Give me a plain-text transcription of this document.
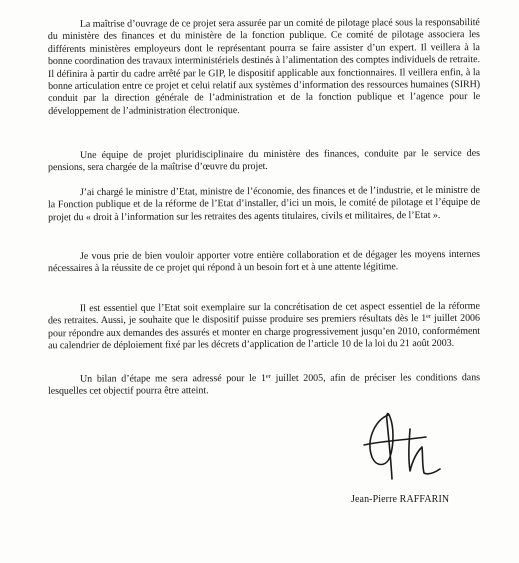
La maîtrise d’ouvrage de ce projet sera assurée par un comité de pilotage placé sous la responsabilité du ministère des finances et du ministère de la fonction publique. Ce comité de pilotage associera les différents ministères employeurs dont le représentant pourra se faire assister d’un expert. Il veillera à la bonne coordination des travaux interministériels destinés à l’alimentation des comptes individuels de retraite. Il définira à partir du cadre arrêté par le GIP, le dispositif applicable aux fonctionnaires. Il veillera enfin, à la bonne articulation entre ce projet et celui relatif aux systèmes d’information des ressources humaines (SIRH) conduit par la direction générale de l’administration et de la fonction publique et l’agence pour le développement de l’administration électronique.

Une équipe de projet pluridisciplinaire du ministère des finances, conduite par le service des pensions, sera chargée de la maîtrise d’œuvre du projet.

J’ai chargé le ministre d’Etat, ministre de l’économie, des finances et de l’industrie, et le ministre de la Fonction publique et de la réforme de l’Etat d’installer, d’ici un mois, le comité de pilotage et l’équipe de projet du « droit à l’information sur les retraites des agents titulaires, civils et militaires, de l’Etat ».

Je vous prie de bien vouloir apporter votre entière collaboration et de dégager les moyens internes nécessaires à la réussite de ce projet qui répond à un besoin fort et à une attente légitime.

Il est essentiel que l’Etat soit exemplaire sur la concrétisation de cet aspect essentiel de la réforme des retraites. Aussi, je souhaite que le dispositif puisse produire ses premiers résultats dès le 1er juillet 2006 pour répondre aux demandes des assurés et monter en charge progressivement jusqu’en 2010, conformément au calendrier de déploiement fixé par les décrets d’application de l’article 10 de la loi du 21 août 2003.

Un bilan d’étape me sera adressé pour le 1er juillet 2005, afin de préciser les conditions dans lesquelles cet objectif pourra être atteint.

Jean-Pierre RAFFARIN
